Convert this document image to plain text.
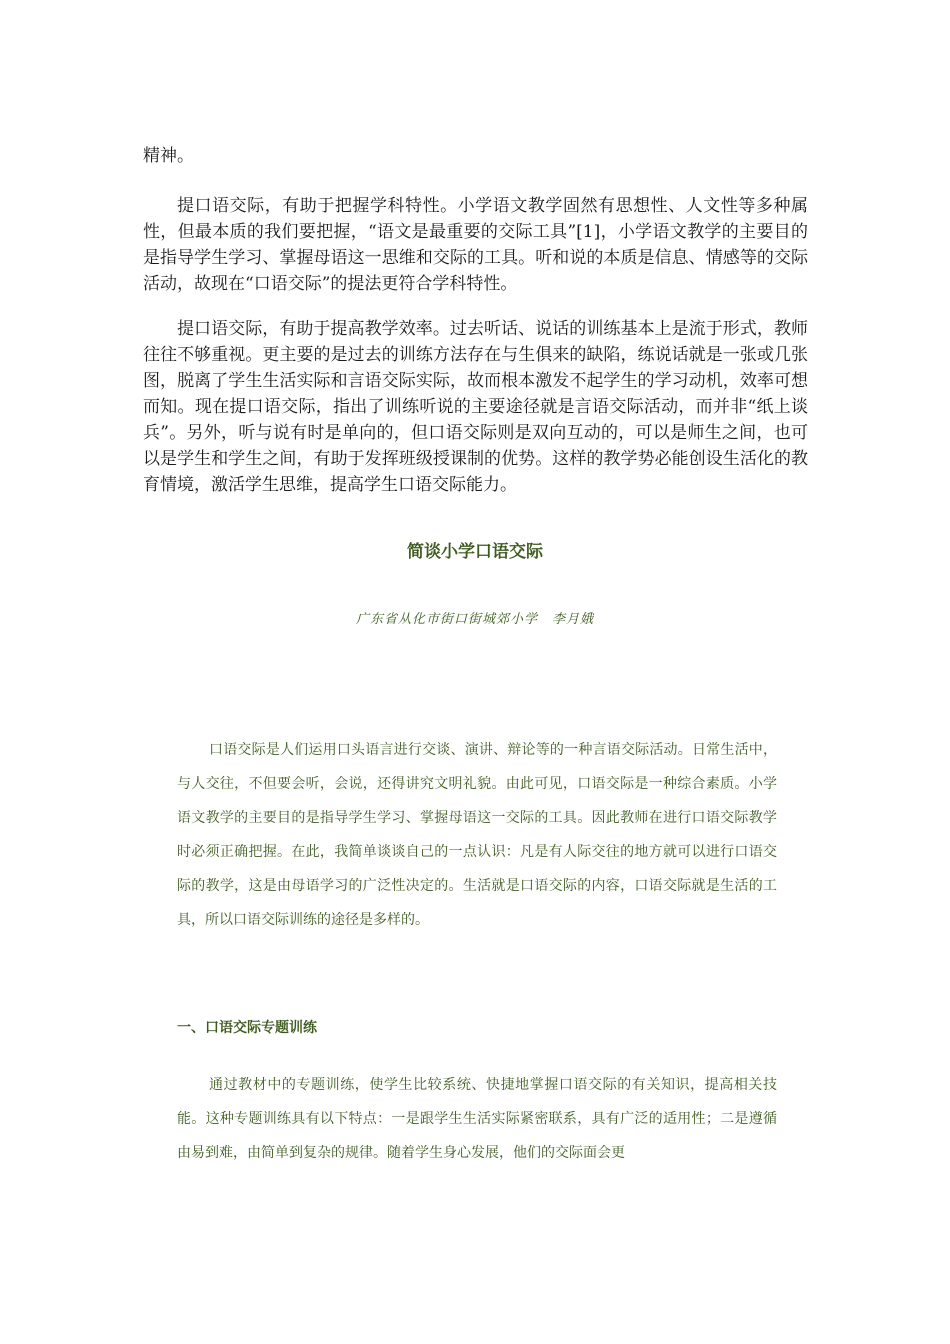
精神。

提口语交际，有助于把握学科特性。小学语文教学固然有思想性、人文性等多种属性，但最本质的我们要把握，“语文是最重要的交际工具”[1]，小学语文教学的主要目的是指导学生学习、掌握母语这一思维和交际的工具。听和说的本质是信息、情感等的交际活动，故现在“口语交际”的提法更符合学科特性。

提口语交际，有助于提高教学效率。过去听话、说话的训练基本上是流于形式，教师往往不够重视。更主要的是过去的训练方法存在与生俱来的缺陷，练说话就是一张或几张图，脱离了学生生活实际和言语交际实际，故而根本激发不起学生的学习动机，效率可想而知。现在提口语交际，指出了训练听说的主要途径就是言语交际活动，而并非“纸上谈兵”。另外，听与说有时是单向的，但口语交际则是双向互动的，可以是师生之间，也可以是学生和学生之间，有助于发挥班级授课制的优势。这样的教学势必能创设生活化的教育情境，激活学生思维，提高学生口语交际能力。

简谈小学口语交际
广东省从化市街口街城郊小学　李月娥

口语交际是人们运用口头语言进行交谈、演讲、辩论等的一种言语交际活动。日常生活中，与人交往，不但要会听，会说，还得讲究文明礼貌。由此可见，口语交际是一种综合素质。小学语文教学的主要目的是指导学生学习、掌握母语这一交际的工具。因此教师在进行口语交际教学时必须正确把握。在此，我简单谈谈自己的一点认识：凡是有人际交往的地方就可以进行口语交际的教学，这是由母语学习的广泛性决定的。生活就是口语交际的内容，口语交际就是生活的工具，所以口语交际训练的途径是多样的。

一、口语交际专题训练

通过教材中的专题训练，使学生比较系统、快捷地掌握口语交际的有关知识，提高相关技能。这种专题训练具有以下特点：一是跟学生生活实际紧密联系，具有广泛的适用性；二是遵循由易到难，由简单到复杂的规律。随着学生身心发展，他们的交际面会更
